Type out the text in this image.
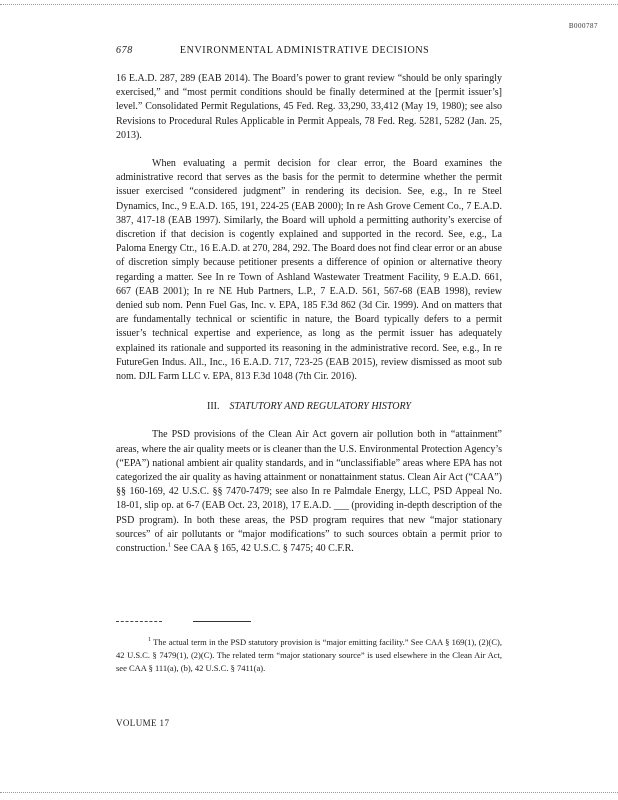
B000787
678	ENVIRONMENTAL ADMINISTRATIVE DECISIONS

16 E.A.D. 287, 289 (EAB 2014). The Board’s power to grant review “should be only sparingly exercised,” and “most permit conditions should be finally determined at the [permit issuer’s] level.” Consolidated Permit Regulations, 45 Fed. Reg. 33,290, 33,412 (May 19, 1980); see also Revisions to Procedural Rules Applicable in Permit Appeals, 78 Fed. Reg. 5281, 5282 (Jan. 25, 2013).

When evaluating a permit decision for clear error, the Board examines the administrative record that serves as the basis for the permit to determine whether the permit issuer exercised “considered judgment” in rendering its decision. See, e.g., In re Steel Dynamics, Inc., 9 E.A.D. 165, 191, 224-25 (EAB 2000); In re Ash Grove Cement Co., 7 E.A.D. 387, 417-18 (EAB 1997). Similarly, the Board will uphold a permitting authority’s exercise of discretion if that decision is cogently explained and supported in the record. See, e.g., La Paloma Energy Ctr., 16 E.A.D. at 270, 284, 292. The Board does not find clear error or an abuse of discretion simply because petitioner presents a difference of opinion or alternative theory regarding a matter. See In re Town of Ashland Wastewater Treatment Facility, 9 E.A.D. 661, 667 (EAB 2001); In re NE Hub Partners, L.P., 7 E.A.D. 561, 567-68 (EAB 1998), review denied sub nom. Penn Fuel Gas, Inc. v. EPA, 185 F.3d 862 (3d Cir. 1999). And on matters that are fundamentally technical or scientific in nature, the Board typically defers to a permit issuer’s technical expertise and experience, as long as the permit issuer has adequately explained its rationale and supported its reasoning in the administrative record. See, e.g., In re FutureGen Indus. All., Inc., 16 E.A.D. 717, 723-25 (EAB 2015), review dismissed as moot sub nom. DJL Farm LLC v. EPA, 813 F.3d 1048 (7th Cir. 2016).

III. STATUTORY AND REGULATORY HISTORY

The PSD provisions of the Clean Air Act govern air pollution both in “attainment” areas, where the air quality meets or is cleaner than the U.S. Environmental Protection Agency’s (“EPA”) national ambient air quality standards, and in “unclassifiable” areas where EPA has not categorized the air quality as having attainment or nonattainment status. Clean Air Act (“CAA”) §§ 160-169, 42 U.S.C. §§ 7470-7479; see also In re Palmdale Energy, LLC, PSD Appeal No. 18-01, slip op. at 6-7 (EAB Oct. 23, 2018), 17 E.A.D. ___ (providing in-depth description of the PSD program). In both these areas, the PSD program requires that new “major stationary sources” of air pollutants or “major modifications” to such sources obtain a permit prior to construction.$^1$ See CAA § 165, 42 U.S.C. § 7475; 40 C.F.R.

$^1$ The actual term in the PSD statutory provision is “major emitting facility.” See CAA § 169(1), (2)(C), 42 U.S.C. § 7479(1), (2)(C). The related term “major stationary source” is used elsewhere in the Clean Air Act, see CAA § 111(a), (b), 42 U.S.C. § 7411(a).

VOLUME 17
